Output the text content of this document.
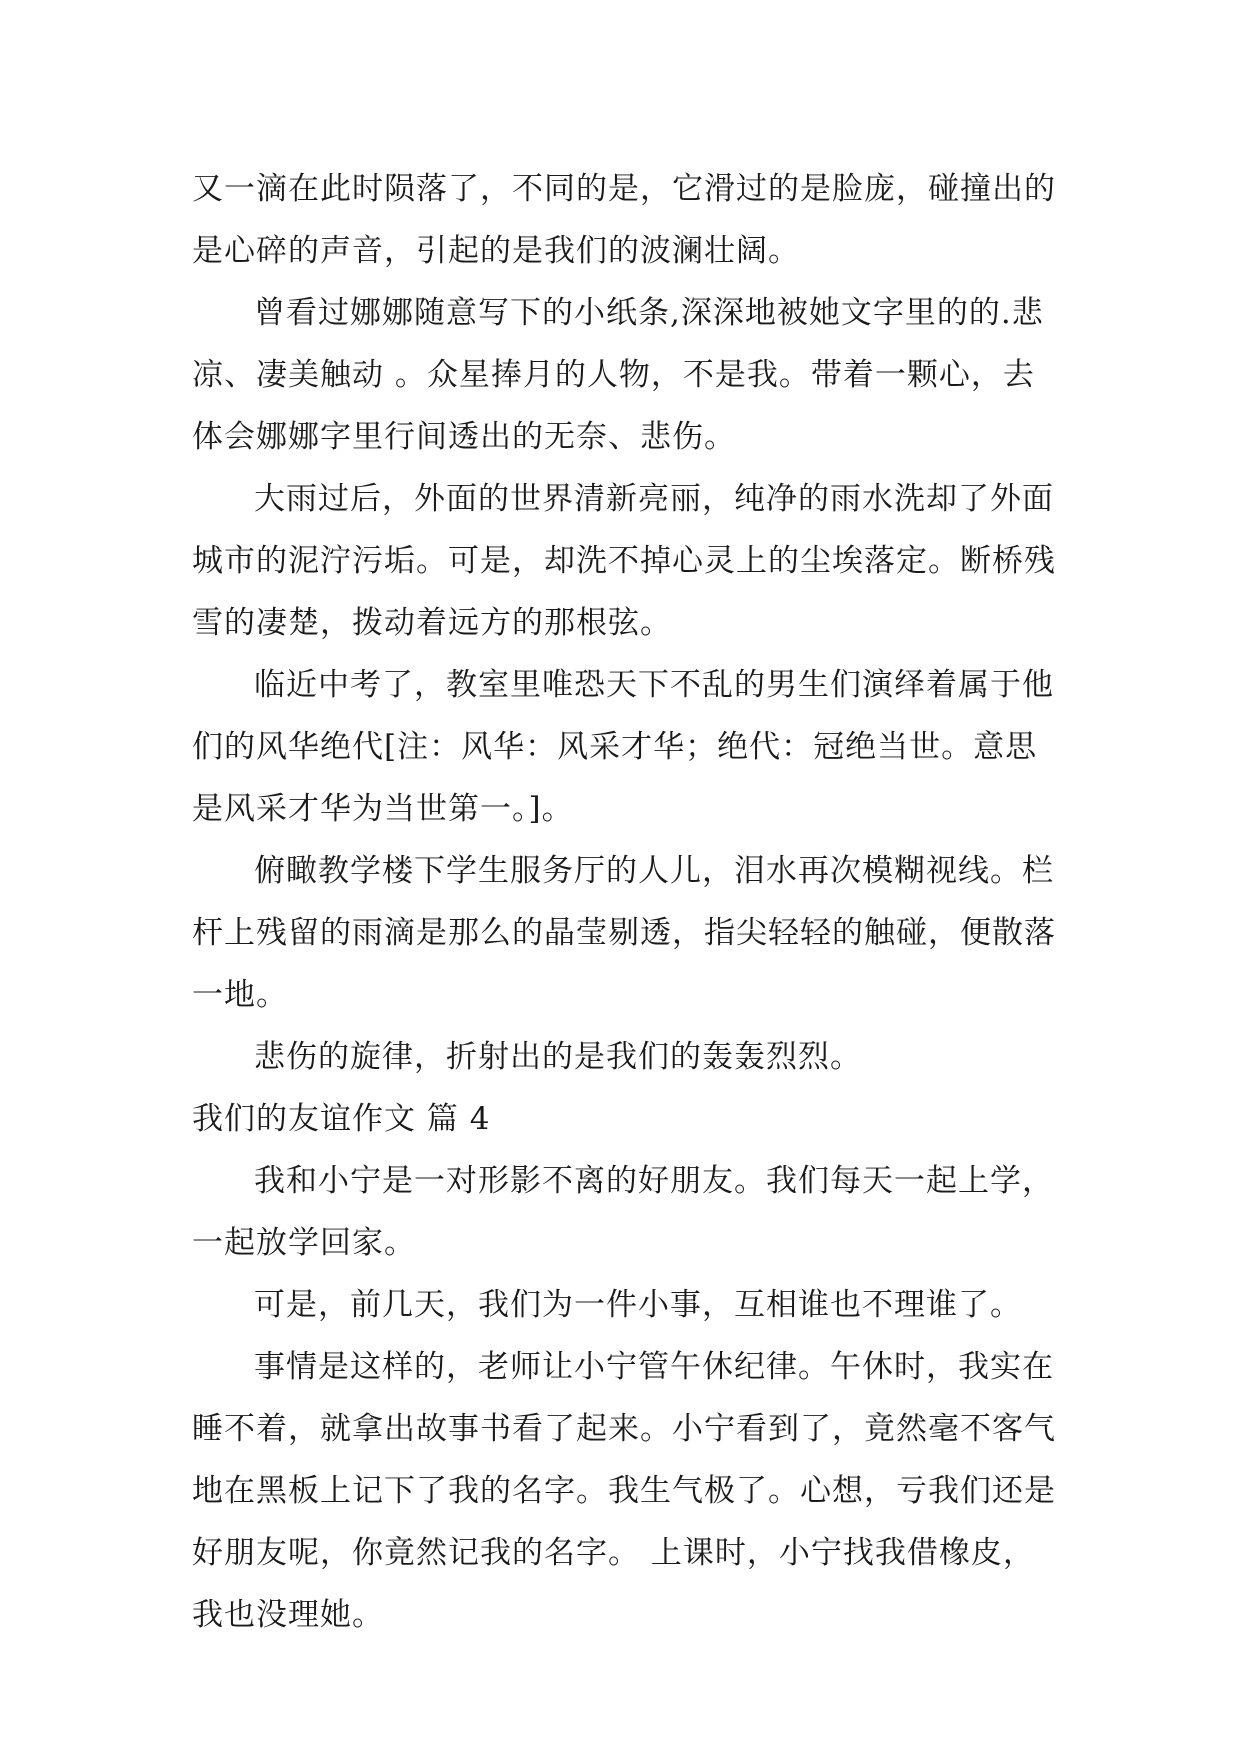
又一滴在此时陨落了，不同的是，它滑过的是脸庞，碰撞出的是心碎的声音，引起的是我们的波澜壮阔。

曾看过娜娜随意写下的小纸条,深深地被她文字里的的.悲凉、凄美触动 。众星捧月的人物，不是我。带着一颗心，去体会娜娜字里行间透出的无奈、悲伤。

大雨过后，外面的世界清新亮丽，纯净的雨水洗却了外面城市的泥泞污垢。可是，却洗不掉心灵上的尘埃落定。断桥残雪的凄楚，拨动着远方的那根弦。

临近中考了，教室里唯恐天下不乱的男生们演绎着属于他们的风华绝代[注：风华：风采才华；绝代：冠绝当世。意思是风采才华为当世第一。]。

俯瞰教学楼下学生服务厅的人儿，泪水再次模糊视线。栏杆上残留的雨滴是那么的晶莹剔透，指尖轻轻的触碰，便散落一地。

悲伤的旋律，折射出的是我们的轰轰烈烈。

我们的友谊作文 篇 4

我和小宁是一对形影不离的好朋友。我们每天一起上学，一起放学回家。

可是，前几天，我们为一件小事，互相谁也不理谁了。

事情是这样的，老师让小宁管午休纪律。午休时，我实在睡不着，就拿出故事书看了起来。小宁看到了，竟然毫不客气地在黑板上记下了我的名字。我生气极了。心想，亏我们还是好朋友呢，你竟然记我的名字。 上课时，小宁找我借橡皮，我也没理她。
